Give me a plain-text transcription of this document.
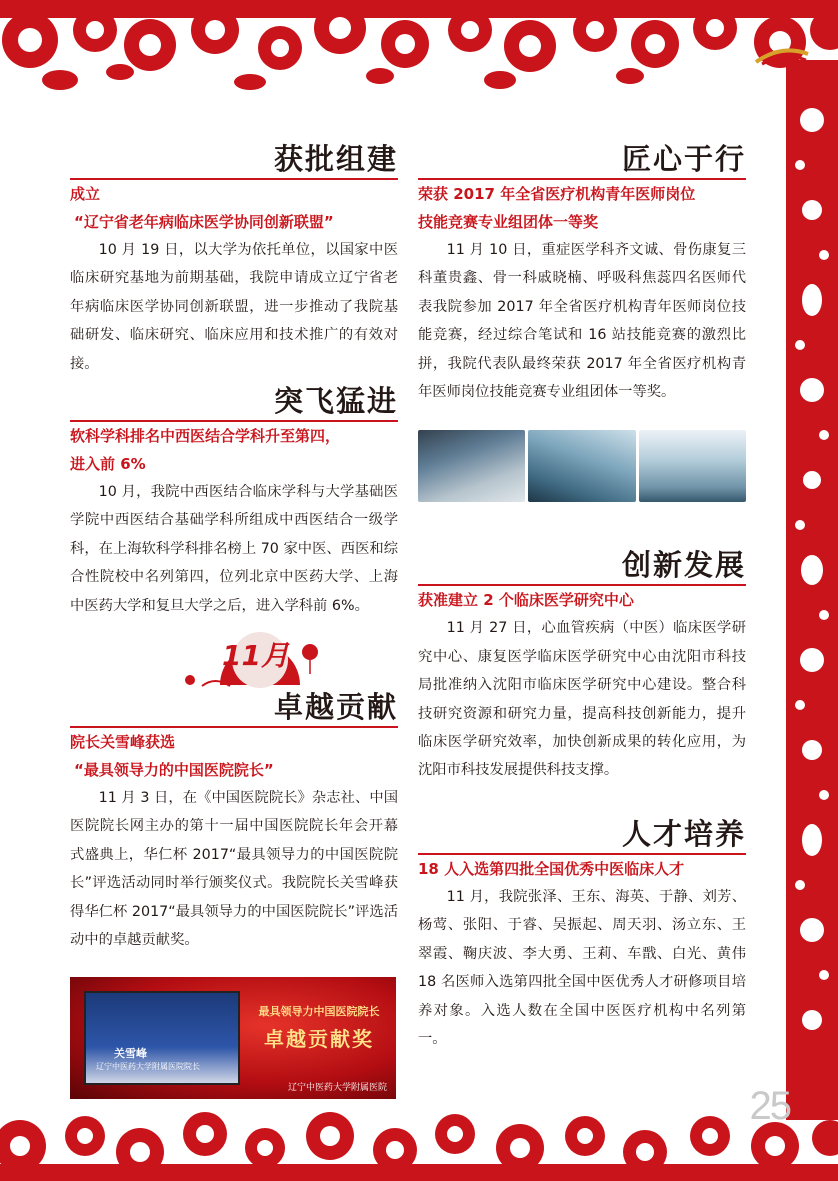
25
获批组建

成立

“辽宁省老年病临床医学协同创新联盟”

10 月 19 日，以大学为依托单位，以国家中医临床研究基地为前期基础，我院申请成立辽宁省老年病临床医学协同创新联盟，进一步推动了我院基础研发、临床研究、临床应用和技术推广的有效对接。

突飞猛进

软科学科排名中西医结合学科升至第四，

进入前 6%

10 月，我院中西医结合临床学科与大学基础医学院中西医结合基础学科所组成中西医结合一级学科，在上海软科学科排名榜上 70 家中医、西医和综合性院校中名列第四，位列北京中医药大学、上海中医药大学和复旦大学之后，进入学科前 6%。

11月
卓越贡献

院长关雪峰获选

“最具领导力的中国医院院长”

11 月 3 日，在《中国医院院长》杂志社、中国医院院长网主办的第十一届中国医院院长年会开幕式盛典上，华仁杯 2017“最具领导力的中国医院院长”评选活动同时举行颁奖仪式。我院院长关雪峰获得华仁杯 2017“最具领导力的中国医院院长”评选活动中的卓越贡献奖。

关雪峰
辽宁中医药大学附属医院院长
最具领导力中国医院院长
卓越贡献奖
辽宁中医药大学附属医院
匠心于行

荣获 2017 年全省医疗机构青年医师岗位

技能竞赛专业组团体一等奖

11 月 10 日，重症医学科齐文诚、骨伤康复三科董贵鑫、骨一科戚晓楠、呼吸科焦蕊四名医师代表我院参加 2017 年全省医疗机构青年医师岗位技能竞赛，经过综合笔试和 16 站技能竞赛的激烈比拼，我院代表队最终荣获 2017 年全省医疗机构青年医师岗位技能竞赛专业组团体一等奖。

创新发展

获准建立 2 个临床医学研究中心

11 月 27 日，心血管疾病（中医）临床医学研究中心、康复医学临床医学研究中心由沈阳市科技局批准纳入沈阳市临床医学研究中心建设。整合科技研究资源和研究力量，提高科技创新能力，提升临床医学研究效率，加快创新成果的转化应用，为沈阳市科技发展提供科技支撑。

人才培养

18 人入选第四批全国优秀中医临床人才

11 月，我院张泽、王东、海英、于静、刘芳、杨莺、张阳、于睿、吴振起、周天羽、汤立东、王翠霞、鞠庆波、李大勇、王莉、车戬、白光、黄伟 18 名医师入选第四批全国中医优秀人才研修项目培养对象。入选人数在全国中医医疗机构中名列第一。
